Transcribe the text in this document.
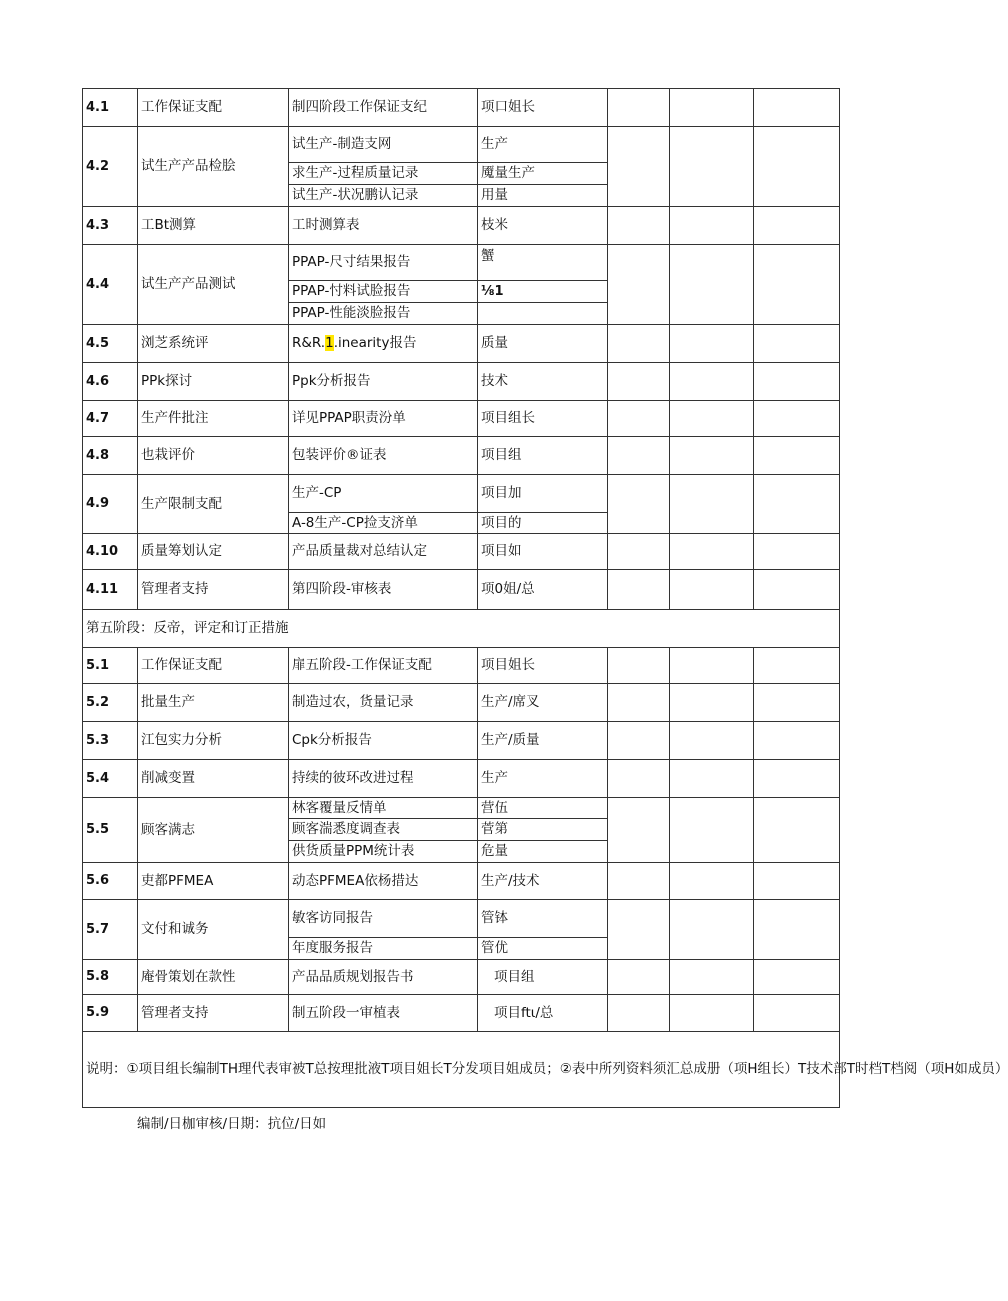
4.1	工作保证支配	制四阶段工作保证支纪	项口姐长			
4.2	试生产产品检脍	试生产-制造支网	生产			
		求生产-过程质量记录	魇量生产			
		试生产-状况鹏认记录	用量			
4.3	工Bt测算	工时测算表	枝米			
4.4	试生产产品测试	PPAP-尺寸结果报告	蟹			
		PPAP-忖料试脸报告	⅛1			
		PPAP-性能淡脸报告				
4.5	浏芝系统评	R&R.1.inearity报告	质量			
4.6	PPk探讨	Ppk分析报告	技术			
4.7	生产件批注	详见PPAP职责汾单	项目组长			
4.8	也栽评价	包装评价®证表	项目组			
4.9	生产限制支配	生产-CP	项目加			
		A-8生产-CP捡支济单	项目的			
4.10	质量筹划认定	产品质量裁对总结认定	项目如			
4.11	管理者支持	第四阶段-审核表	项0姐/总			
第五阶段：反帝，评定和订正措施						
5.1	工作保证支配	扉五阶段-工作保证支配	项目姐长			
5.2	批量生产	制造过农，货量记录	生产/席叉			
5.3	江包实力分析	Cpk分析报告	生产/质量			
5.4	削减变置	持续的彼环改进过程	生产			
5.5	顾客满志	林客覆量反情单	营伍			
		顾客湍悉度调查表	菅第			
		供货质量PPM统计表	危量			
5.6	吏都PFMEA	动态PFMEA依杨措达	生产/技术			
5.7	文付和诚务	敏客访同报告	管钵			
		年度服务报告	管优			
5.8	庵骨策划在款性	产品品质规划报告书	项目组			
5.9	管理者支持	制五阶段一审植表	项目ftι/总			
说明：①项目组长编制TH理代表审被T总按理批液T项目姐长T分发项目姐成员；②表中所列资料须汇总成册（项H组长）T技术部T时档T档阅（项H如成员）						
编制/日枷审核/日期：抗位/日如
